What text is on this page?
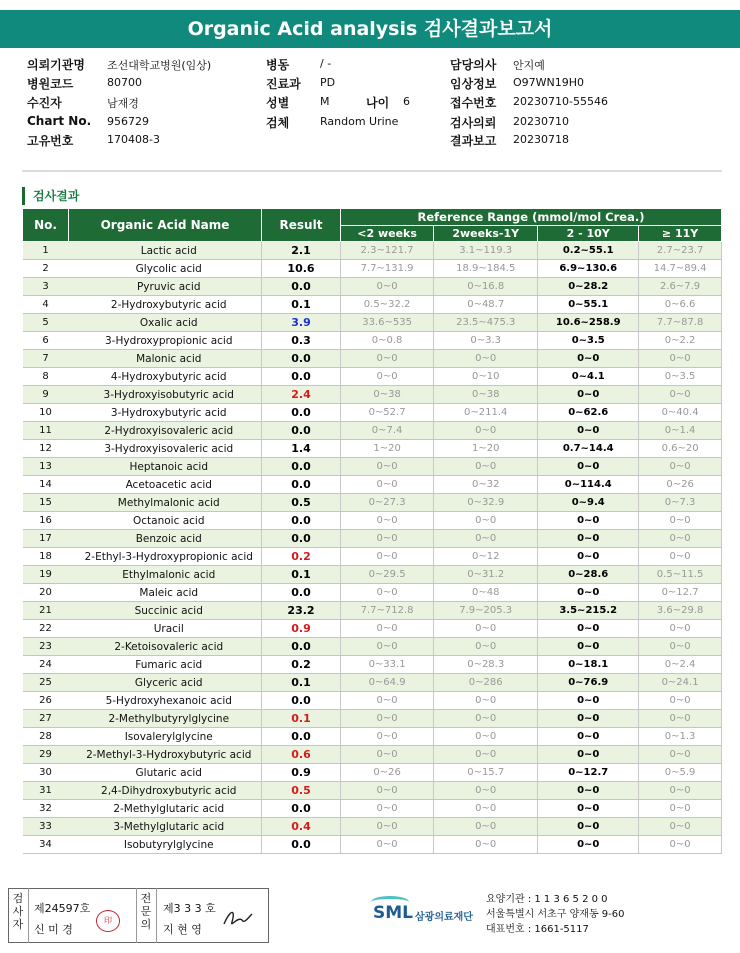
Organic Acid analysis 검사결과보고서
의뢰기관명 조선대학교병원(임상)
병원코드	80700
수진자	남재경
Chart No. 956729
고유번호	170408-3
병동	/ -
진료과 PD
성별	M	나이 6
검체	Random Urine
담당의사 안지예
임상정보 O97WN19H0
접수번호 20230710-55546
검사의뢰 20230710
결과보고 20230718
검사결과
No.	Organic Acid Name	Result	Reference Range (mmol/mol Crea.)			
			<2 weeks	2weeks-1Y	2 - 10Y	≥ 11Y
1	Lactic acid	2.1	2.3~121.7	3.1~119.3	0.2~55.1	2.7~23.7
2	Glycolic acid	10.6	7.7~131.9	18.9~184.5	6.9~130.6	14.7~89.4
3	Pyruvic acid	0.0	0~0	0~16.8	0~28.2	2.6~7.9
4	2-Hydroxybutyric acid	0.1	0.5~32.2	0~48.7	0~55.1	0~6.6
5	Oxalic acid	3.9	33.6~535	23.5~475.3	10.6~258.9	7.7~87.8
6	3-Hydroxypropionic acid	0.3	0~0.8	0~3.3	0~3.5	0~2.2
7	Malonic acid	0.0	0~0	0~0	0~0	0~0
8	4-Hydroxybutyric acid	0.0	0~0	0~10	0~4.1	0~3.5
9	3-Hydroxyisobutyric acid	2.4	0~38	0~38	0~0	0~0
10	3-Hydroxybutyric acid	0.0	0~52.7	0~211.4	0~62.6	0~40.4
11	2-Hydroxyisovaleric acid	0.0	0~7.4	0~0	0~0	0~1.4
12	3-Hydroxyisovaleric acid	1.4	1~20	1~20	0.7~14.4	0.6~20
13	Heptanoic acid	0.0	0~0	0~0	0~0	0~0
14	Acetoacetic acid	0.0	0~0	0~32	0~114.4	0~26
15	Methylmalonic acid	0.5	0~27.3	0~32.9	0~9.4	0~7.3
16	Octanoic acid	0.0	0~0	0~0	0~0	0~0
17	Benzoic acid	0.0	0~0	0~0	0~0	0~0
18	2-Ethyl-3-Hydroxypropionic acid	0.2	0~0	0~12	0~0	0~0
19	Ethylmalonic acid	0.1	0~29.5	0~31.2	0~28.6	0.5~11.5
20	Maleic acid	0.0	0~0	0~48	0~0	0~12.7
21	Succinic acid	23.2	7.7~712.8	7.9~205.3	3.5~215.2	3.6~29.8
22	Uracil	0.9	0~0	0~0	0~0	0~0
23	2-Ketoisovaleric acid	0.0	0~0	0~0	0~0	0~0
24	Fumaric acid	0.2	0~33.1	0~28.3	0~18.1	0~2.4
25	Glyceric acid	0.1	0~64.9	0~286	0~76.9	0~24.1
26	5-Hydroxyhexanoic acid	0.0	0~0	0~0	0~0	0~0
27	2-Methylbutyrylglycine	0.1	0~0	0~0	0~0	0~0
28	Isovalerylglycine	0.0	0~0	0~0	0~0	0~1.3
29	2-Methyl-3-Hydroxybutyric acid	0.6	0~0	0~0	0~0	0~0
30	Glutaric acid	0.9	0~26	0~15.7	0~12.7	0~5.9
31	2,4-Dihydroxybutyric acid	0.5	0~0	0~0	0~0	0~0
32	2-Methylglutaric acid	0.0	0~0	0~0	0~0	0~0
33	3-Methylglutaric acid	0.4	0~0	0~0	0~0	0~0
34	Isobutyrylglycine	0.0	0~0	0~0	0~0	0~0
검사자
제24597호
신 미 경
印
전문의
제3 3 3 호
지 현 영
SML 삼광의료재단
요양기관 : 1 1 3 6 5 2 0 0
서울특별시 서초구 양재동 9-60
대표번호 : 1661-5117
